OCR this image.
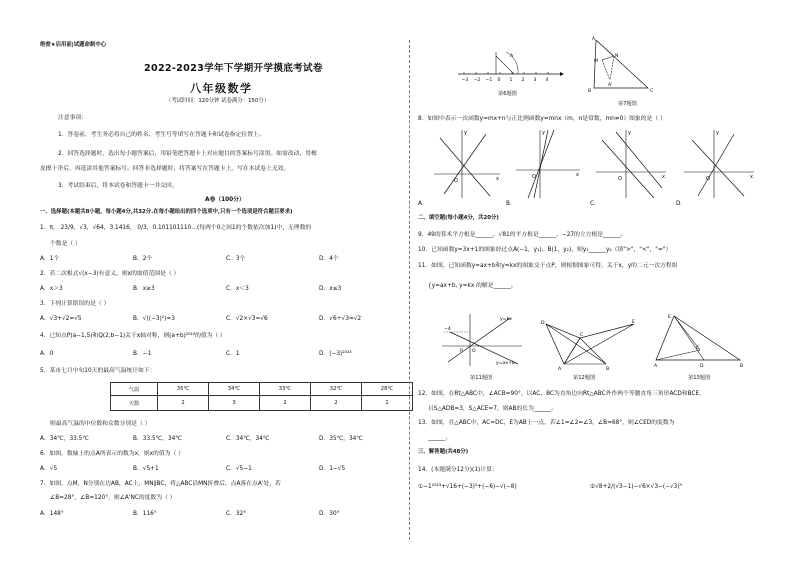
绝密★启用前|试题命制中心
2022-2023学年下学期开学摸底考试卷
八年级数学
（考试时间：120分钟 试卷满分：150分）
注意事项：
1．答卷前，考生务必将自己的姓名、考生号等填写在答题卡和试卷指定位置上。
2．回答选择题时，选出每小题答案后，用铅笔把答题卡上对应题目的答案标号涂黑。如需改动，用橡
皮擦干净后，再选涂其他答案标号。回答非选择题时，将答案写在答题卡上，写在本试卷上无效。
3．考试结束后，将本试卷和答题卡一并交回。
A卷（100分）
一、选择题(本题共8小题，每小题4分,共32分.在每小题给出的四个选项中,只有一个选项是符合题目要求)
1．π， 23/9，√3，√64，3.1416， 0/3，0.101101110…(每两个0之间1的个数依次加1)中，无理数的
个数是（ ）
A．1个	B．2个	C．3个	D．4个
2．若二次根式√(x−3)有意义，则x的取值范围是（ ）
A．x＞3	B．x≥3	C．x＜3	D．x≤3
3．下列计算错误的是（ ）
A．√3+√2=√5	B．√((−3)²)=3	C．√2×√3=√6	D．√6÷√3=√2
4．已知点P(a−1,5)和Q(2,b−1)关于x轴对称，则(a+b)²⁰²³的值为（ ）
A．0	B．−1	C．1	D．(−3)²⁰²³
5．某市七月中旬10天的最高气温统计如下：
气温	35℃	34℃	33℃	32℃	28℃
天数	2	3	2	2	1
则最高气温的中位数和众数分别是（ ）
A．34℃，33.5℃	B．33.5℃，34℃	C．34℃，34℃	D．35℃，34℃
6．如图，数轴上的点A所表示的数为x，则x的值为（ ）
A．√5	B．√5+1	C．√5−1	D．1−√5
7．如图，点M，N分别在边AB，AC上，MN∥BC，将△ABC沿MN折叠后，点A落在点A'处，若
∠B=28°，∠B=120°，则∠A'NC的度数为（ ）
A．148°	B．116°	C．32°	D．30°
A
−3 −2 −1 0 1 2 3 4
第6题图
A
M
N
A'
B	C
第7题图
8．如图中表示一次函数y=mx+n与正比例函数y=mnx（m，n是常数，mn≠0）图象的是（ ）
O	x
y
O	x
y
O	x
y
O	x
y
A．	B．	C．	D．
二、填空题(每小题4分，共20分)
9．49的算术平方根是______，√81的平方根是______，−27的立方根是______。
10．已知函数y=3x+1的图象经过点A(−1，y₁)、B(1，y₂)，则y₁______y₂（填">"，"<"，"="）
11．如图，已知函数y=ax+b和y=kx的图象交于点P，则根据图象可得，关于x，y的二元一次方程组
{y=ax+b, y=kx 的解是______。
−4
y=kx
y=ax+b
P O
第11题图
D
C
E
A	B
第12题图
E
A	D	B
C
第13题图
12．如图，在Rt△ABC中，∠ACB=90°，以AC、BC为直角边向Rt△ABC外作两个等腰直角三角形ACD和BCE，
且S△ADB=3，S△ACE=7，则AB的长为______。
13．如图，在△ABC中，AC=DC，E为AB上一点，若∠1=∠2=∠3，∠B=68°，则∠CED的度数为
______。
三、解答题(共48分)
14．(本题满分12分)(1)计算：
①−1²⁰²³+√16+(−3)²+(−6)−√(−8)	②√8+2/(√3−1)−√6×√3−(−√3)°
